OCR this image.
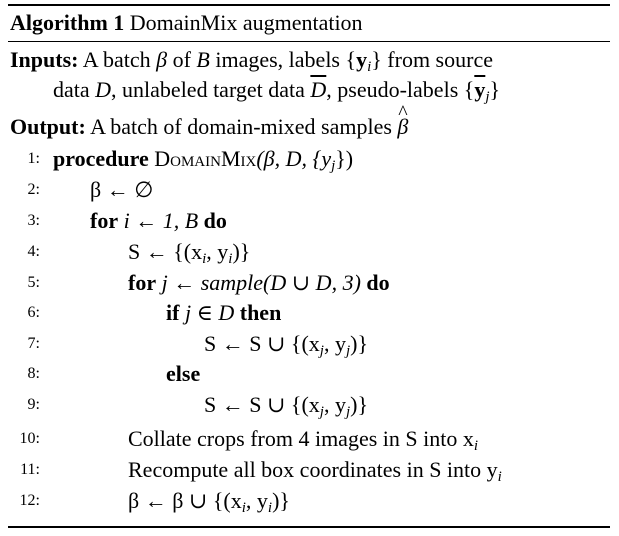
Algorithm 1 DomainMix augmentation
Inputs: A batch β of B images, labels $\{y_i\}$ from source
data D, unlabeled target data $\overline{D}$, pseudo-labels $\{\overline{y}_j\}$
Output: A batch of domain-mixed samples ^ β
1: procedure DomainMix(β, D, $\{y_j\}$)
2: β ← ∅
3: for i ← 1, B do
4:	S ← {($x_i$, $y_i$)}
5:	for j ← sample(D ∪ D, 3) do
6:	if j ∈ D then
7:	S ← S ∪ {($x_j$, $y_j$)}
8:	else
9:	S ← S ∪ {($x_j$, $y_j$)}
10:	Collate crops from 4 images in S into $x_i$
11:	Recompute all box coordinates in S into $y_i$
12:	β ← β ∪ {($x_i$, $y_i$)}
